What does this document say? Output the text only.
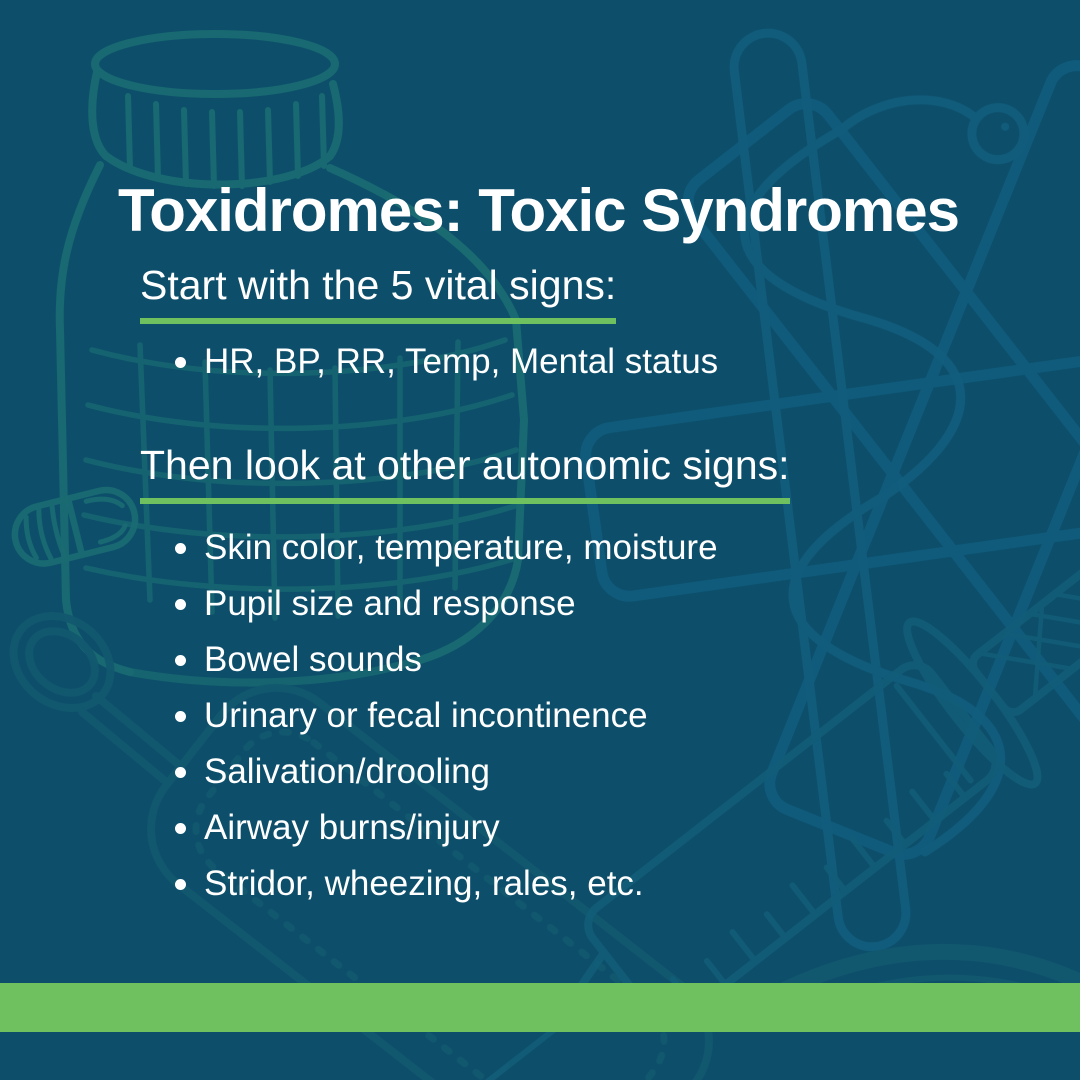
Toxidromes: Toxic Syndromes
Start with the 5 vital signs:
HR, BP, RR, Temp, Mental status
Then look at other autonomic signs:
Skin color, temperature, moisture
Pupil size and response
Bowel sounds
Urinary or fecal incontinence
Salivation/drooling
Airway burns/injury
Stridor, wheezing, rales, etc.
